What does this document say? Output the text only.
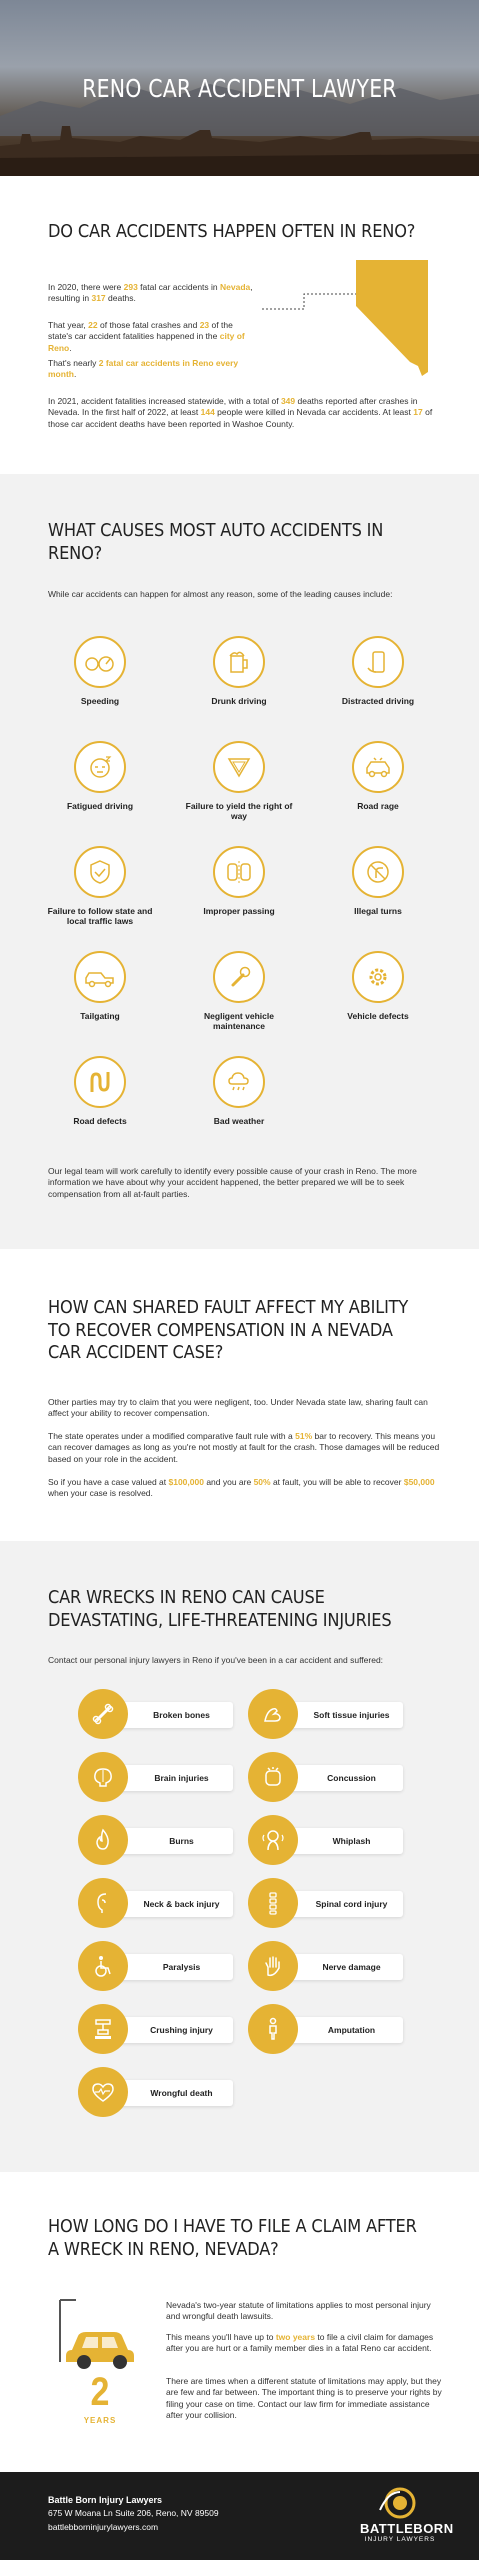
RENO CAR ACCIDENT LAWYER
DO CAR ACCIDENTS HAPPEN OFTEN IN RENO?

In 2020, there were 293 fatal car accidents in Nevada, resulting in 317 deaths.

That year, 22 of those fatal crashes and 23 of the state's car accident fatalities happened in the city of Reno.

That's nearly 2 fatal car accidents in Reno every month.

In 2021, accident fatalities increased statewide, with a total of 349 deaths reported after crashes in Nevada. In the first half of 2022, at least 144 people were killed in Nevada car accidents. At least 17 of those car accident deaths have been reported in Washoe County.

WHAT CAUSES MOST AUTO ACCIDENTS IN RENO?

While car accidents can happen for almost any reason, some of the leading causes include:

Speeding	Drunk driving	Distracted driving
Fatigued driving	Failure to yield the right of way
Road rage
Failure to follow state and local traffic laws
Improper passing	Illegal turns
Tailgating	Negligent vehicle maintenance
Vehicle defects
Road defects	Bad weather

Our legal team will work carefully to identify every possible cause of your crash in Reno. The more information we have about why your accident happened, the better prepared we will be to seek compensation from all at-fault parties.

HOW CAN SHARED FAULT AFFECT MY ABILITY TO RECOVER COMPENSATION IN A NEVADA CAR ACCIDENT CASE?

Other parties may try to claim that you were negligent, too. Under Nevada state law, sharing fault can affect your ability to recover compensation.

The state operates under a modified comparative fault rule with a 51% bar to recovery. This means you can recover damages as long as you're not mostly at fault for the crash. Those damages will be reduced based on your role in the accident.

So if you have a case valued at $100,000 and you are 50% at fault, you will be able to recover $50,000 when your case is resolved.

CAR WRECKS IN RENO CAN CAUSE DEVASTATING, LIFE-THREATENING INJURIES

Contact our personal injury lawyers in Reno if you've been in a car accident and suffered:

Broken bones	Soft tissue injuries
Brain injuries	Concussion
Burns	Whiplash
Neck & back injury	Spinal cord injury
Paralysis	Nerve damage
Crushing injury	Amputation
Wrongful death
HOW LONG DO I HAVE TO FILE A CLAIM AFTER A WRECK IN RENO, NEVADA?
2
YEARS

Nevada's two-year statute of limitations applies to most personal injury and wrongful death lawsuits.

This means you'll have up to two years to file a civil claim for damages after you are hurt or a family member dies in a fatal Reno car accident.

There are times when a different statute of limitations may apply, but they are few and far between. The important thing is to preserve your rights by filing your case on time. Contact our law firm for immediate assistance after your collision.

Battle Born Injury Lawyers
675 W Moana Ln Suite 206, Reno, NV 89509
battlebborninjurylawyers.com	BATTLEBORN
INJURY LAWYERS
